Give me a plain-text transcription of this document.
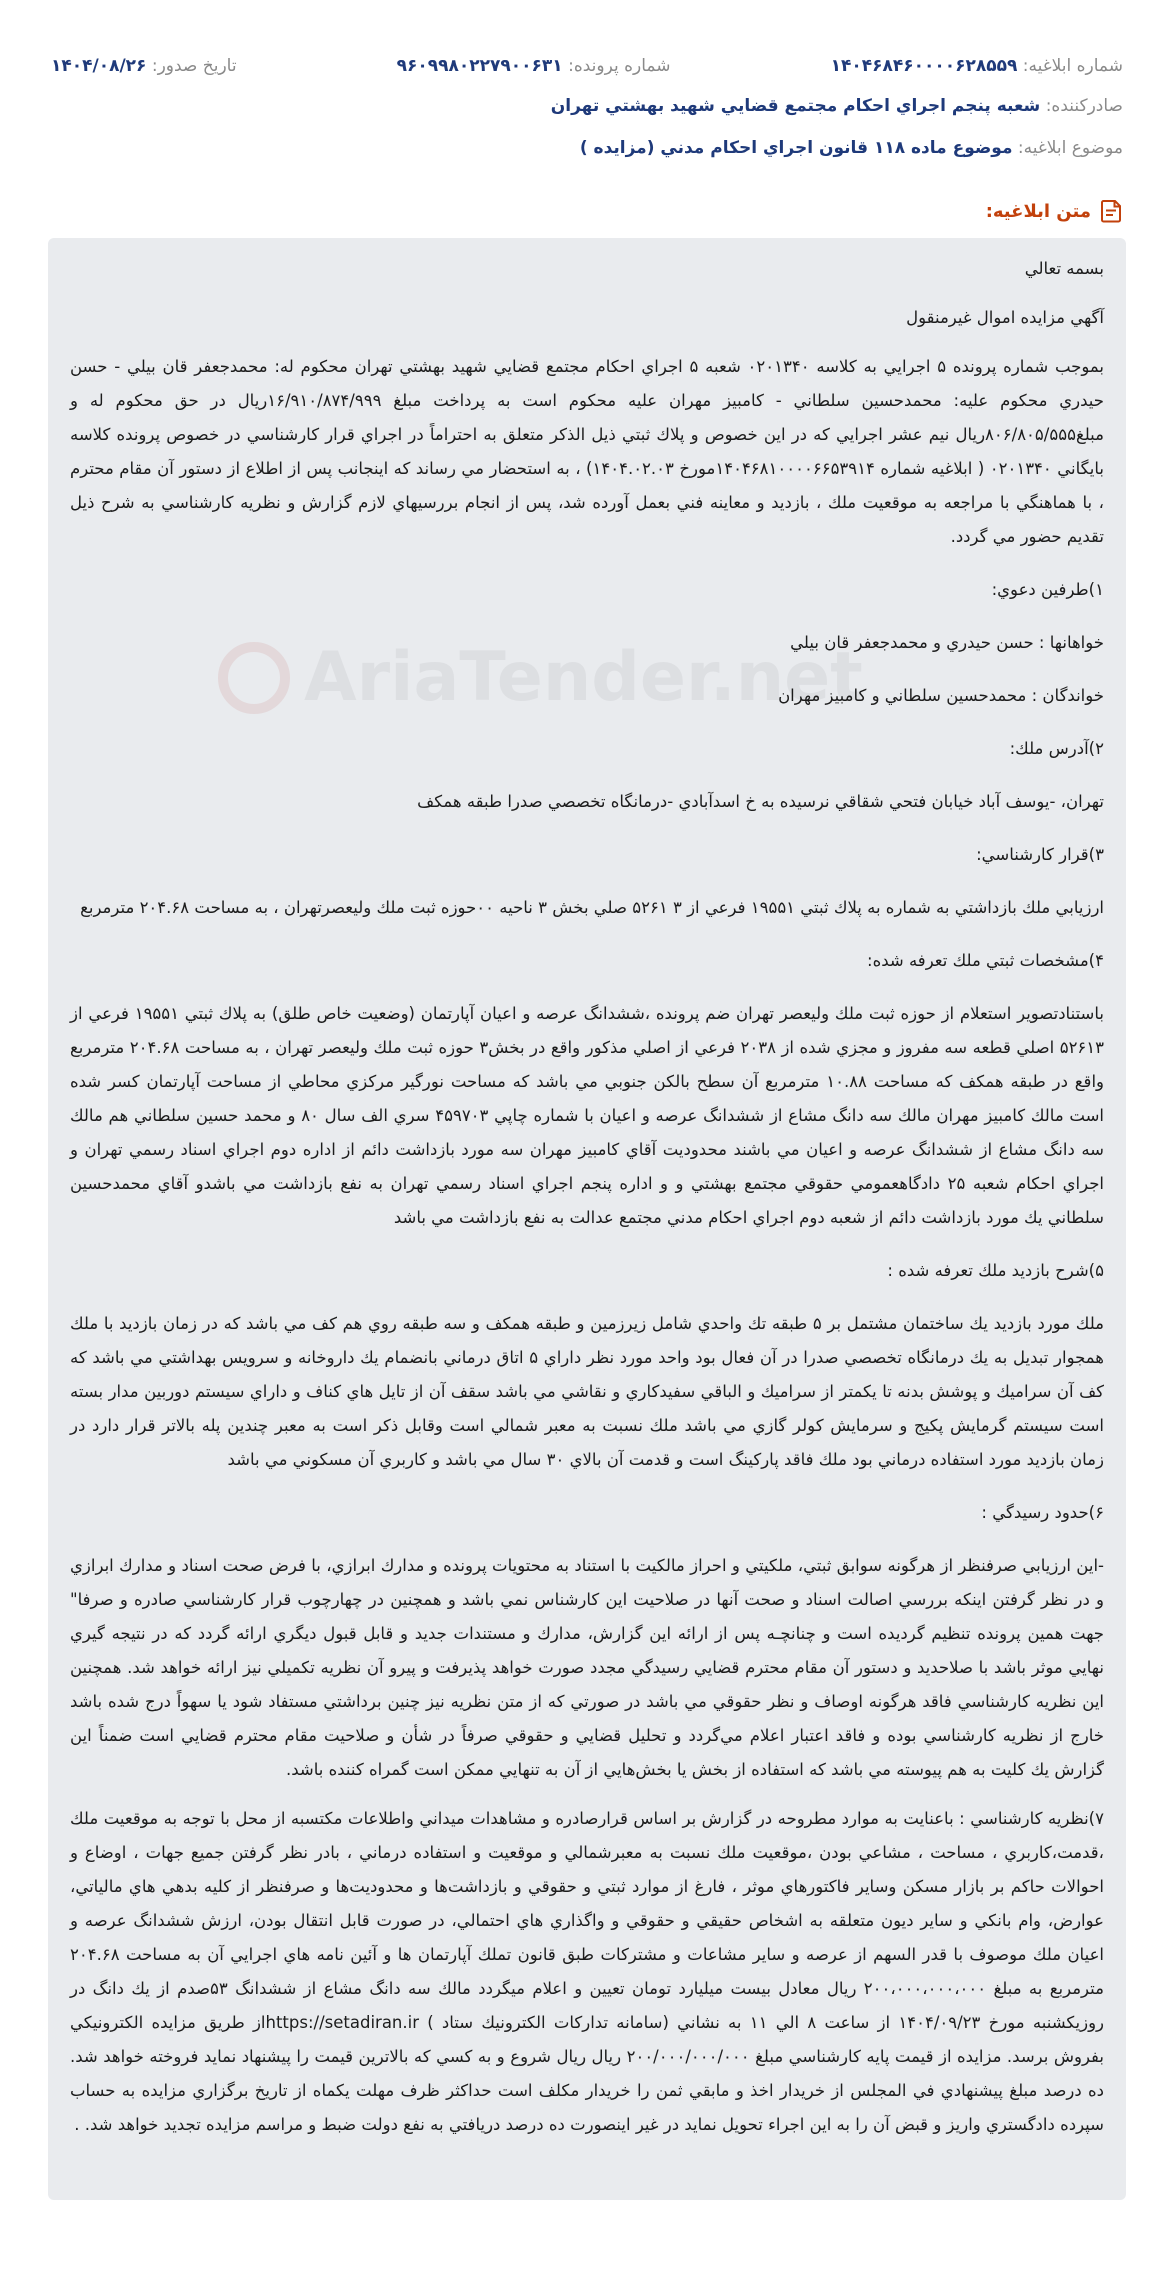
شماره ابلاغيه: ۱۴۰۴۶۸۴۶۰۰۰۰۶۲۸۵۵۹
شماره پرونده: ۹۶۰۹۹۸۰۲۲۷۹۰۰۶۳۱
تاريخ صدور: ۱۴۰۴/۰۸/۲۶
صادرکننده: شعبه پنجم اجراي احكام مجتمع قضايي شهيد بهشتي تهران
موضوع ابلاغيه: موضوع ماده ۱۱۸ قانون اجراي احكام مدني (مزايده )
متن ابلاغيه:
AriaTender.net

بسمه تعالي

آگهي مزايده اموال غيرمنقول

بموجب شماره پرونده ۵ اجرايي به کلاسه ۰۲۰۱۳۴۰ شعبه ۵ اجراي احكام مجتمع قضايي شهيد بهشتي تهران محكوم له: محمدجعفر قان بيلي - حسن حيدري محكوم عليه: محمدحسين سلطاني - كامبيز مهران عليه محكوم است به پرداخت مبلغ ۱۶/۹۱۰/۸۷۴/۹۹۹ريال در حق محكوم له و مبلغ۸۰۶/۸۰۵/۵۵۵ريال نيم عشر اجرايي كه در اين خصوص و پلاك ثبتي ذيل الذكر متعلق به احتراماً در اجراي قرار كارشناسي در خصوص پرونده كلاسه بايگاني ۰۲۰۱۳۴۰ ( ابلاغيه شماره ۱۴۰۴۶۸۱۰۰۰۰۶۶۵۳۹۱۴مورخ ۱۴۰۴.۰۲.۰۳) ، به استحضار مي رساند كه اينجانب پس از اطلاع از دستور آن مقام محترم ، با هماهنگي با مراجعه به موقعيت ملك ، بازديد و معاينه فني بعمل آورده شد، پس از انجام بررسيهاي لازم گزارش و نظريه كارشناسي به شرح ذيل تقديم حضور مي گردد.

۱)طرفين دعوي:

خواهانها : حسن حيدري و محمدجعفر قان بيلي

خواندگان : محمدحسين سلطاني و كامبيز مهران

۲)آدرس ملك:

تهران، -يوسف آباد خيابان فتحي شقاقي نرسيده به خ اسدآبادي -درمانگاه تخصصي صدرا طبقه همكف

۳)قرار كارشناسي:

ارزيابي ملك بازداشتي به شماره به پلاك ثبتي ۱۹۵۵۱ فرعي از ۳ ۵۲۶۱ صلي بخش ۳ ناحيه ۰۰حوزه ثبت ملك وليعصرتهران ، به مساحت ۲۰۴.۶۸ مترمربع

۴)مشخصات ثبتي ملك تعرفه شده:

باستنادتصوير استعلام از حوزه ثبت ملك وليعصر تهران ضم پرونده ،ششدانگ عرصه و اعيان آپارتمان (وضعيت خاص طلق) به پلاك ثبتي ۱۹۵۵۱ فرعي از ۵۲۶۱۳ اصلي قطعه سه مفروز و مجزي شده از ۲۰۳۸ فرعي از اصلي مذكور واقع در بخش۳ حوزه ثبت ملك وليعصر تهران ، به مساحت ۲۰۴.۶۸ مترمربع واقع در طبقه همكف كه مساحت ۱۰.۸۸ مترمربع آن سطح بالكن جنوبي مي باشد كه مساحت نورگير مركزي محاطي از مساحت آپارتمان كسر شده است مالك كامبيز مهران مالك سه دانگ مشاع از ششدانگ عرصه و اعيان با شماره چاپي ۴۵۹۷۰۳ سري الف سال ۸۰ و محمد حسين سلطاني هم مالك سه دانگ مشاع از ششدانگ عرصه و اعيان مي باشند محدوديت آقاي كامبيز مهران سه مورد بازداشت دائم از اداره دوم اجراي اسناد رسمي تهران و اجراي احكام شعبه ۲۵ دادگاهعمومي حقوقي مجتمع بهشتي و و اداره پنجم اجراي اسناد رسمي تهران به نفع بازداشت مي باشدو آقاي محمدحسين سلطاني يك مورد بازداشت دائم از شعبه دوم اجراي احكام مدني مجتمع عدالت به نفع بازداشت مي باشد

۵)شرح بازديد ملك تعرفه شده :

ملك مورد بازديد يك ساختمان مشتمل بر ۵ طبقه تك واحدي شامل زيرزمين و طبقه همكف و سه طبقه روي هم كف مي باشد كه در زمان بازديد با ملك همجوار تبديل به يك درمانگاه تخصصي صدرا در آن فعال بود واحد مورد نظر داراي ۵ اتاق درماني بانضمام يك داروخانه و سرويس بهداشتي مي باشد كه كف آن سراميك و پوشش بدنه تا يكمتر از سراميك و الباقي سفيدكاري و نقاشي مي باشد سقف آن از تايل هاي كناف و داراي سيستم دوربين مدار بسته است سيستم گرمايش پكيج و سرمايش كولر گازي مي باشد ملك نسبت به معبر شمالي است وقابل ذكر است به معبر چندين پله بالاتر قرار دارد در زمان بازديد مورد استفاده درماني بود ملك فاقد پاركينگ است و قدمت آن بالاي ۳۰ سال مي باشد و كاربري آن مسكوني مي باشد

۶)حدود رسيدگي :

-اين ارزيابي صرفنظر از هرگونه سوابق ثبتي، ملكيتي و احراز مالكيت با استناد به محتويات پرونده و مدارك ابرازي، با فرض صحت اسناد و مدارك ابرازي و در نظر گرفتن اينكه بررسي اصالت اسناد و صحت آنها در صلاحيت اين كارشناس نمي باشد و همچنين در چهارچوب قرار كارشناسي صادره و صرفا" جهت همين پرونده تنظيم گرديده است و چنانچـه پس از ارائه اين گزارش، مدارك و مستندات جديد و قابل قبول ديگري ارائه گردد كه در نتيجه گيري نهايي موثر باشد با صلاحديد و دستور آن مقام محترم قضايي رسيدگي مجدد صورت خواهد پذيرفت و پيرو آن نظريه تكميلي نيز ارائه خواهد شد. همچنين اين نظريه كارشناسي فاقد هرگونه اوصاف و نظر حقوقي مي باشد در صورتي كه از متن نظريه نيز چنين برداشتي مستفاد شود يا سهواً درج شده باشد خارج از نظريه كارشناسي بوده و فاقد اعتبار اعلام مي‌گردد و تحليل قضايي و حقوقي صرفاً در شأن و صلاحيت مقام محترم قضايي است ضمناً اين گزارش يك كليت به هم پيوسته مي باشد كه استفاده از بخش يا بخش‌هايي از آن به تنهايي ممكن است گمراه كننده باشد.

۷)نظريه كارشناسي : باعنايت به موارد مطروحه در گزارش بر اساس قرارصادره و مشاهدات ميداني واطلاعات مكتسبه از محل با توجه به موقعيت ملك ،قدمت،كاربري ، مساحت ، مشاعي بودن ،موقعيت ملك نسبت به معبرشمالي و موقعيت و استفاده درماني ، بادر نظر گرفتن جميع جهات ، اوضاع و احوالات حاكم بر بازار مسكن وساير فاكتورهاي موثر ، فارغ از موارد ثبتي و حقوقي و بازداشت‌ها و محدوديت‌ها و صرفنظر از كليه بدهي هاي مالياتي، عوارض، وام بانكي و ساير ديون متعلقه به اشخاص حقيقي و حقوقي و واگذاري هاي احتمالي، در صورت قابل انتقال بودن، ارزش ششدانگ عرصه و اعيان ملك موصوف با قدر السهم از عرصه و ساير مشاعات و مشتركات طبق قانون تملك آپارتمان ها و آئين نامه هاي اجرايي آن به مساحت ۲۰۴.۶۸ مترمربع به مبلغ ۲۰۰،۰۰۰،۰۰۰،۰۰۰ ريال معادل بيست ميليارد تومان تعيين و اعلام ميگردد مالك سه دانگ مشاع از ششدانگ ۵۳صدم از يك دانگ در روزيكشنبه مورخ ۱۴۰۴/۰۹/۲۳ از ساعت ۸ الي ۱۱ به نشاني (سامانه تداركات الكترونيك ستاد ) https://setadiran.irاز طريق مزايده الكترونيكي بفروش برسد. مزايده از قيمت پايه كارشناسي مبلغ ۲۰۰/۰۰۰/۰۰۰/۰۰۰ ريال ريال شروع و به كسي كه بالاترين قيمت را پيشنهاد نمايد فروخته خواهد شد. ده درصد مبلغ پيشنهادي في المجلس از خريدار اخذ و مابقي ثمن را خريدار مكلف است حداكثر ظرف مهلت يكماه از تاريخ برگزاري مزايده به حساب سپرده دادگستري واريز و قبض آن را به اين اجراء تحويل نمايد در غير اينصورت ده درصد دريافتي به نفع دولت ضبط و مراسم مزايده تجديد خواهد شد. .
